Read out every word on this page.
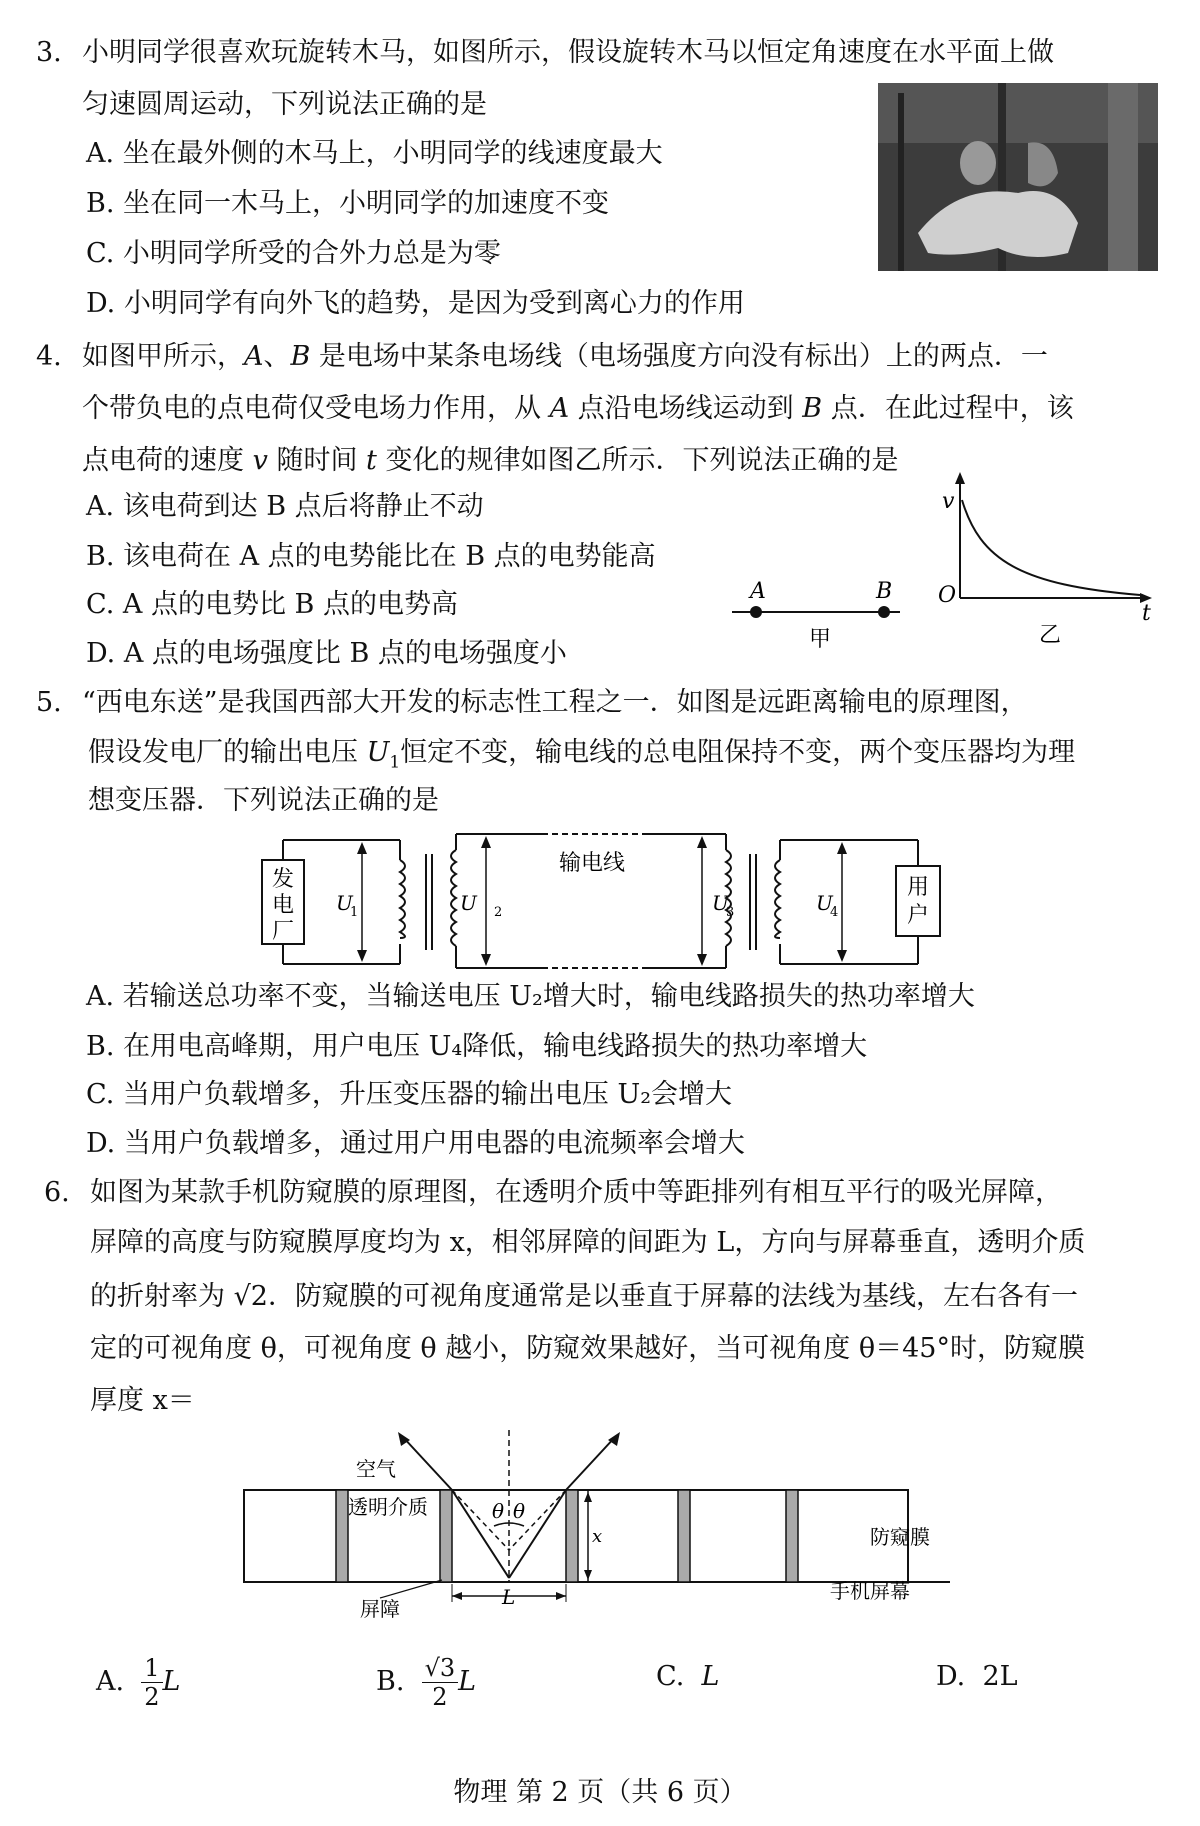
3. 小明同学很喜欢玩旋转木马，如图所示，假设旋转木马以恒定角速度在水平面上做
匀速圆周运动，下列说法正确的是
A. 坐在最外侧的木马上，小明同学的线速度最大
B. 坐在同一木马上，小明同学的加速度不变
C. 小明同学所受的合外力总是为零
D. 小明同学有向外飞的趋势，是因为受到离心力的作用
4. 如图甲所示，A、B 是电场中某条电场线（电场强度方向没有标出）上的两点．一
个带负电的点电荷仅受电场力作用，从 A 点沿电场线运动到 B 点．在此过程中，该
点电荷的速度 v 随时间 t 变化的规律如图乙所示．下列说法正确的是
A. 该电荷到达 B 点后将静止不动
B. 该电荷在 A 点的电势能比在 B 点的电势能高
C. A 点的电势比 B 点的电势高
D. A 点的电场强度比 B 点的电场强度小
A	B
甲
v
t
O
乙
5. “西电东送”是我国西部大开发的标志性工程之一．如图是远距离输电的原理图，
假设发电厂的输出电压 $U_1$恒定不变，输电线的总电阻保持不变，两个变压器均为理
想变压器．下列说法正确的是
发
电
厂
U
1
输电线
U 2	U
3	U
4
用
户
A. 若输送总功率不变，当输送电压 U₂增大时，输电线路损失的热功率增大
B. 在用电高峰期，用户电压 U₄降低，输电线路损失的热功率增大
C. 当用户负载增多，升压变压器的输出电压 U₂会增大
D. 当用户负载增多，通过用户用电器的电流频率会增大
6. 如图为某款手机防窥膜的原理图，在透明介质中等距排列有相互平行的吸光屏障，
屏障的高度与防窥膜厚度均为 x，相邻屏障的间距为 L，方向与屏幕垂直，透明介质
的折射率为 √2．防窥膜的可视角度通常是以垂直于屏幕的法线为基线，左右各有一
定的可视角度 θ，可视角度 θ 越小，防窥效果越好，当可视角度 θ＝45°时，防窥膜
厚度 x＝
θ θ
x
L
空气
透明介质
防窥膜
屏障
手机屏幕
A. $\frac{1}{2}$ L	B. $\frac{√3}{2}$ L	C. L	D. 2L
物理 第 2 页（共 6 页）
